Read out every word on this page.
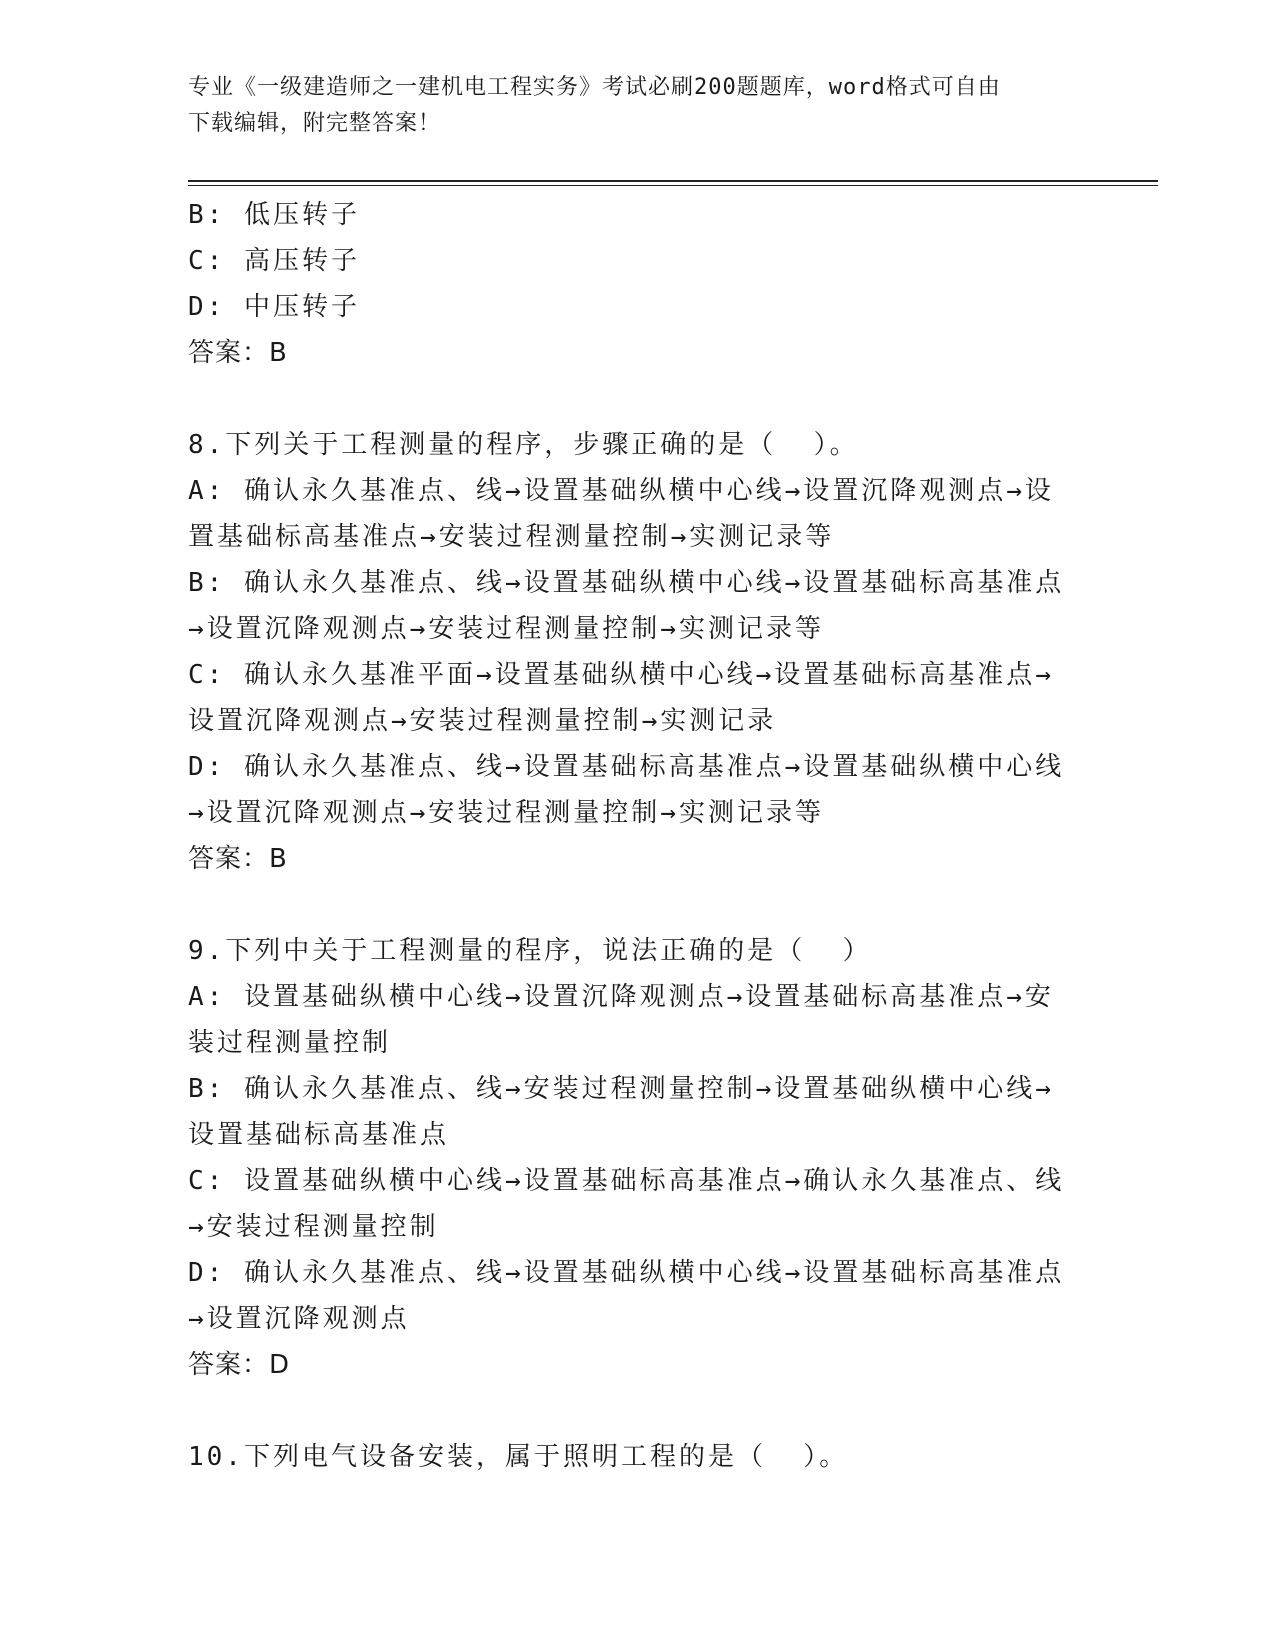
专业《一级建造师之一建机电工程实务》考试必刷200题题库，word格式可自由

下载编辑，附完整答案！

B: 低压转子

C: 高压转子

D: 中压转子

答案：B

8.下列关于工程测量的程序，步骤正确的是（  ）。

A: 确认永久基准点、线→设置基础纵横中心线→设置沉降观测点→设

置基础标高基准点→安装过程测量控制→实测记录等

B: 确认永久基准点、线→设置基础纵横中心线→设置基础标高基准点

→设置沉降观测点→安装过程测量控制→实测记录等

C: 确认永久基准平面→设置基础纵横中心线→设置基础标高基准点→

设置沉降观测点→安装过程测量控制→实测记录

D: 确认永久基准点、线→设置基础标高基准点→设置基础纵横中心线

→设置沉降观测点→安装过程测量控制→实测记录等

答案：B

9.下列中关于工程测量的程序，说法正确的是（  ）

A: 设置基础纵横中心线→设置沉降观测点→设置基础标高基准点→安

装过程测量控制

B: 确认永久基准点、线→安装过程测量控制→设置基础纵横中心线→

设置基础标高基准点

C: 设置基础纵横中心线→设置基础标高基准点→确认永久基准点、线

→安装过程测量控制

D: 确认永久基准点、线→设置基础纵横中心线→设置基础标高基准点

→设置沉降观测点

答案：D

10.下列电气设备安装，属于照明工程的是（  ）。
